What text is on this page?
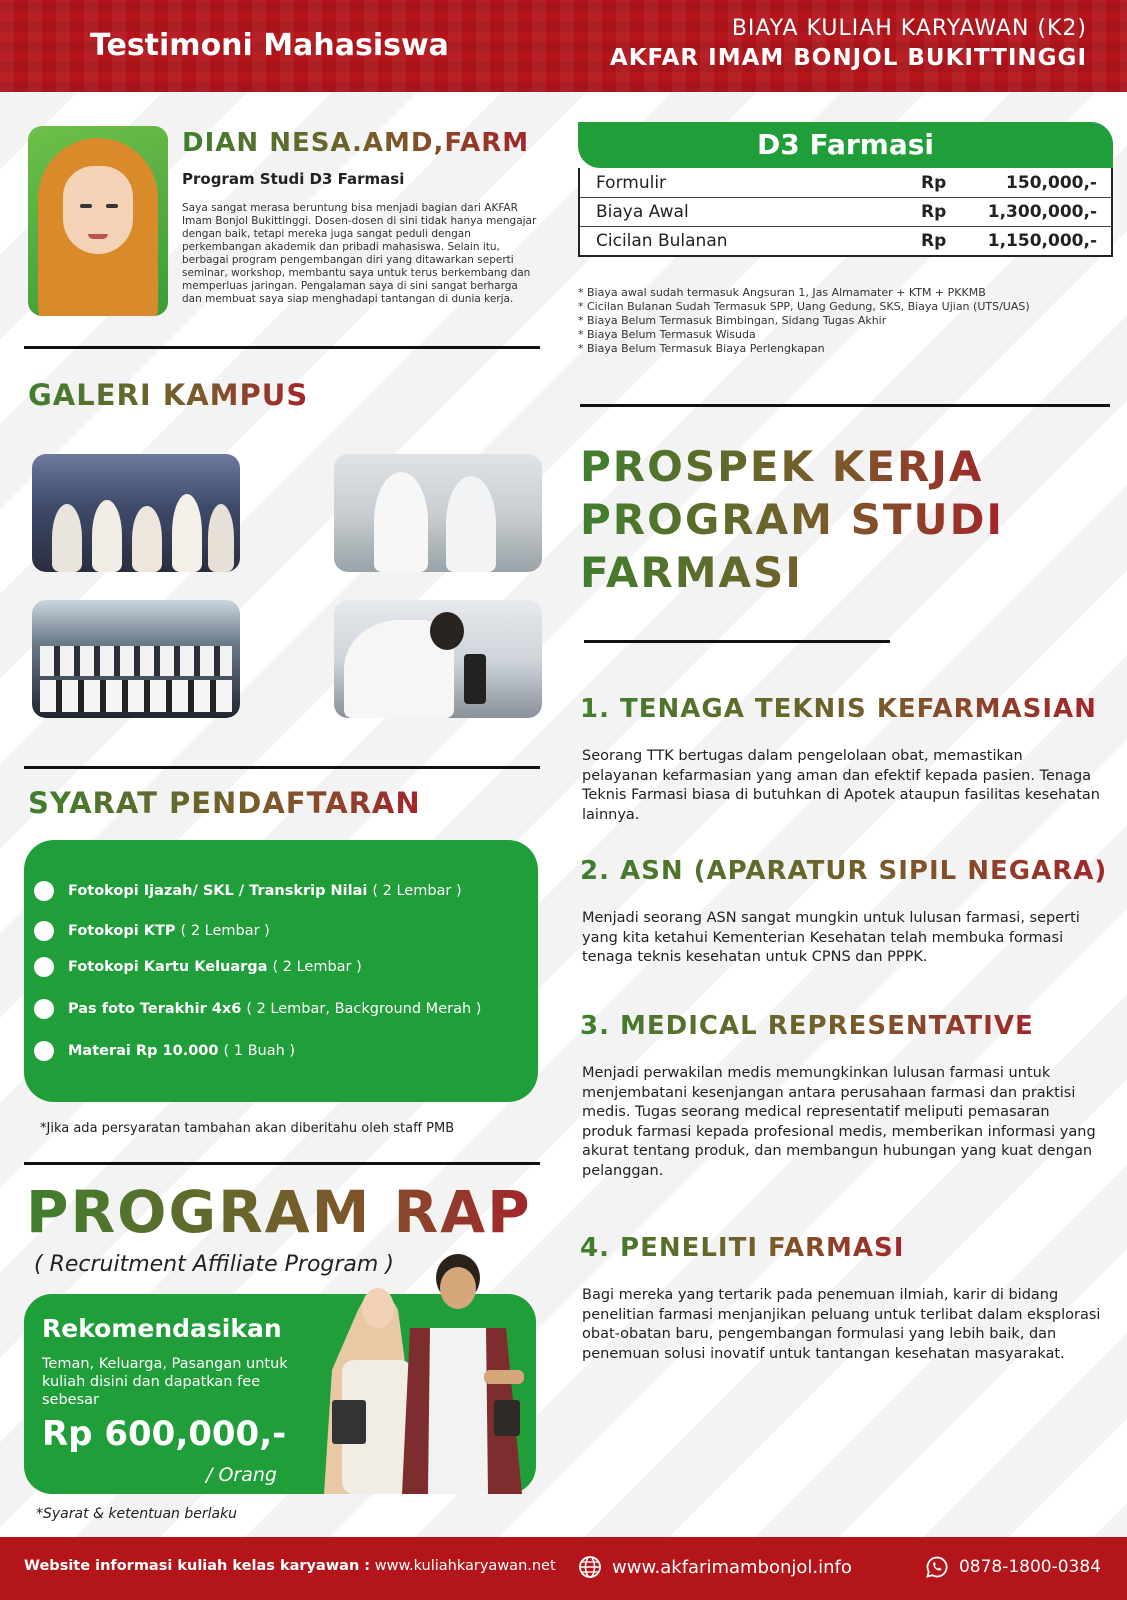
Testimoni Mahasiswa	BIAYA KULIAH KARYAWAN (K2)
AKFAR IMAM BONJOL BUKITTINGGI
DIAN NESA.AMD,FARM
Program Studi D3 Farmasi
Saya sangat merasa beruntung bisa menjadi bagian dari AKFAR Imam Bonjol Bukittinggi. Dosen-dosen di sini tidak hanya mengajar dengan baik, tetapi mereka juga sangat peduli dengan perkembangan akademik dan pribadi mahasiswa. Selain itu, berbagai program pengembangan diri yang ditawarkan seperti seminar, workshop, membantu saya untuk terus berkembang dan memperluas jaringan. Pengalaman saya di sini sangat berharga dan membuat saya siap menghadapi tantangan di dunia kerja.
D3 Farmasi
Formulir	Rp	150,000,-
Biaya Awal	Rp	1,300,000,-
Cicilan Bulanan	Rp	1,150,000,-
* Biaya awal sudah termasuk Angsuran 1, Jas Almamater + KTM + PKKMB
* Cicilan Bulanan Sudah Termasuk SPP, Uang Gedung, SKS, Biaya Ujian (UTS/UAS)
* Biaya Belum Termasuk Bimbingan, Sidang Tugas Akhir
* Biaya Belum Termasuk Wisuda
* Biaya Belum Termasuk Biaya Perlengkapan
GALERI KAMPUS
SYARAT PENDAFTARAN
Fotokopi Ijazah/ SKL / Transkrip Nilai ( 2 Lembar )
Fotokopi KTP ( 2 Lembar )
Fotokopi Kartu Keluarga ( 2 Lembar )
Pas foto Terakhir 4x6 ( 2 Lembar, Background Merah )
Materai Rp 10.000 ( 1 Buah )
*Jika ada persyaratan tambahan akan diberitahu oleh staff PMB
PROGRAM RAP
( Recruitment Affiliate Program )
Rekomendasikan
Teman, Keluarga, Pasangan untuk kuliah disini dan dapatkan fee sebesar
Rp 600,000,-
/ Orang
*Syarat & ketentuan berlaku
PROSPEK KERJA
PROGRAM STUDI
FARMASI
1. TENAGA TEKNIS KEFARMASIAN
Seorang TTK bertugas dalam pengelolaan obat, memastikan pelayanan kefarmasian yang aman dan efektif kepada pasien. Tenaga Teknis Farmasi biasa di butuhkan di Apotek ataupun fasilitas kesehatan lainnya.
2. ASN (APARATUR SIPIL NEGARA)
Menjadi seorang ASN sangat mungkin untuk lulusan farmasi, seperti yang kita ketahui Kementerian Kesehatan telah membuka formasi tenaga teknis kesehatan untuk CPNS dan PPPK.
3. MEDICAL REPRESENTATIVE
Menjadi perwakilan medis memungkinkan lulusan farmasi untuk menjembatani kesenjangan antara perusahaan farmasi dan praktisi medis. Tugas seorang medical representatif meliputi pemasaran produk farmasi kepada profesional medis, memberikan informasi yang akurat tentang produk, dan membangun hubungan yang kuat dengan pelanggan.
4. PENELITI FARMASI
Bagi mereka yang tertarik pada penemuan ilmiah, karir di bidang penelitian farmasi menjanjikan peluang untuk terlibat dalam eksplorasi obat-obatan baru, pengembangan formulasi yang lebih baik, dan penemuan solusi inovatif untuk tantangan kesehatan masyarakat.
Website informasi kuliah kelas karyawan : www.kuliahkaryawan.net	www.akfarimambonjol.info	0878-1800-0384
